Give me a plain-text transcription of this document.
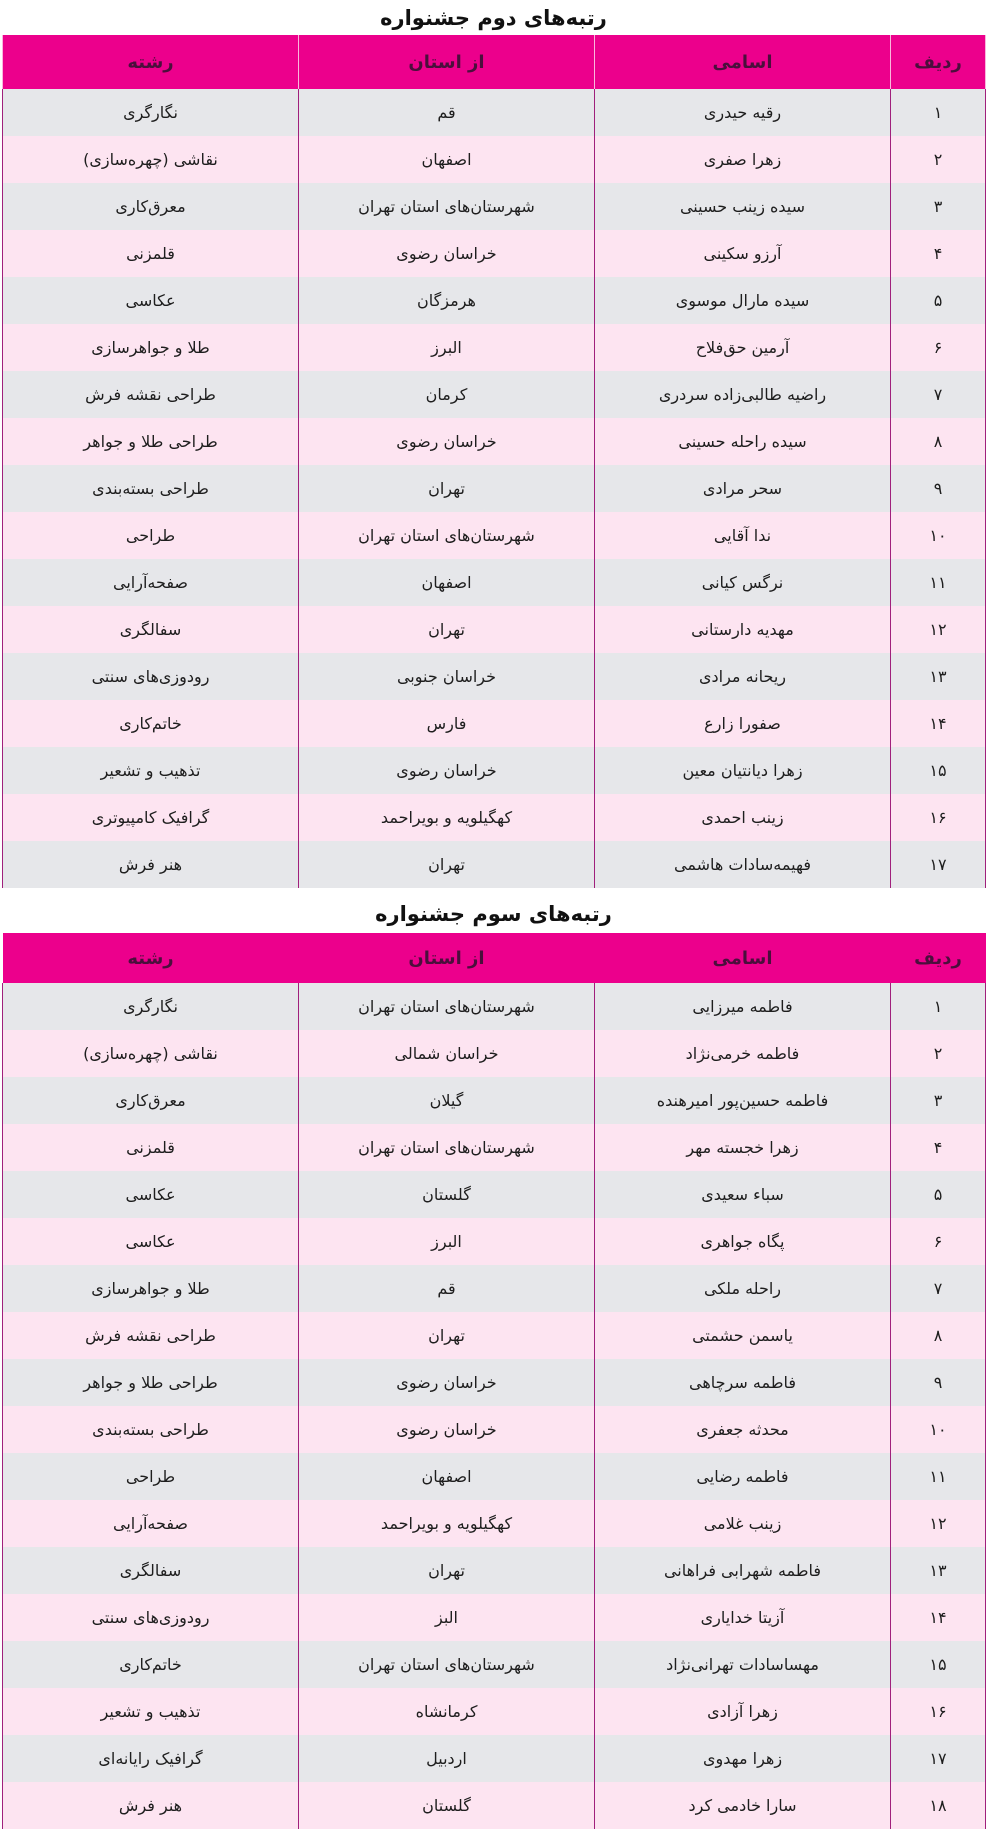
رتبه‌های دوم جشنواره
ردیف	اسامی	از استان	رشته
۱	رقیه حیدری	قم	نگارگری
۲	زهرا صفری	اصفهان	نقاشی (چهره‌سازی)
۳	سیده زینب حسینی	شهرستان‌های استان تهران	معرق‌کاری
۴	آرزو سکینی	خراسان رضوی	قلمزنی
۵	سیده مارال موسوی	هرمزگان	عکاسی
۶	آرمین حق‌فلاح	البرز	طلا و جواهرسازی
۷	راضیه طالبی‌زاده سردری	کرمان	طراحی نقشه فرش
۸	سیده راحله حسینی	خراسان رضوی	طراحی طلا و جواهر
۹	سحر مرادی	تهران	طراحی بسته‌بندی
۱۰	ندا آقایی	شهرستان‌های استان تهران	طراحی
۱۱	نرگس کیانی	اصفهان	صفحه‌آرایی
۱۲	مهدیه دارستانی	تهران	سفالگری
۱۳	ریحانه مرادی	خراسان جنوبی	رودوزی‌های سنتی
۱۴	صفورا زارع	فارس	خاتم‌کاری
۱۵	زهرا دیانتیان معین	خراسان رضوی	تذهیب و تشعیر
۱۶	زینب احمدی	کهگیلویه و بویراحمد	گرافیک کامپیوتری
۱۷	فهیمه‌سادات هاشمی	تهران	هنر فرش
رتبه‌های سوم جشنواره
ردیف	اسامی	از استان	رشته
۱	فاطمه میرزایی	شهرستان‌های استان تهران	نگارگری
۲	فاطمه خرمی‌نژاد	خراسان شمالی	نقاشی (چهره‌سازی)
۳	فاطمه حسین‌پور امیرهنده	گیلان	معرق‌کاری
۴	زهرا خجسته مهر	شهرستان‌های استان تهران	قلمزنی
۵	سباء سعیدی	گلستان	عکاسی
۶	پگاه جواهری	البرز	عکاسی
۷	راحله ملکی	قم	طلا و جواهرسازی
۸	یاسمن حشمتی	تهران	طراحی نقشه فرش
۹	فاطمه سرچاهی	خراسان رضوی	طراحی طلا و جواهر
۱۰	محدثه جعفری	خراسان رضوی	طراحی بسته‌بندی
۱۱	فاطمه رضایی	اصفهان	طراحی
۱۲	زینب غلامی	کهگیلویه و بویراحمد	صفحه‌آرایی
۱۳	فاطمه شهرابی فراهانی	تهران	سفالگری
۱۴	آزیتا خدایاری	البز	رودوزی‌های سنتی
۱۵	مهساسادات تهرانی‌نژاد	شهرستان‌های استان تهران	خاتم‌کاری
۱۶	زهرا آزادی	کرمانشاه	تذهیب و تشعیر
۱۷	زهرا مهدوی	اردبیل	گرافیک رایانه‌ای
۱۸	سارا خادمی کرد	گلستان	هنر فرش
